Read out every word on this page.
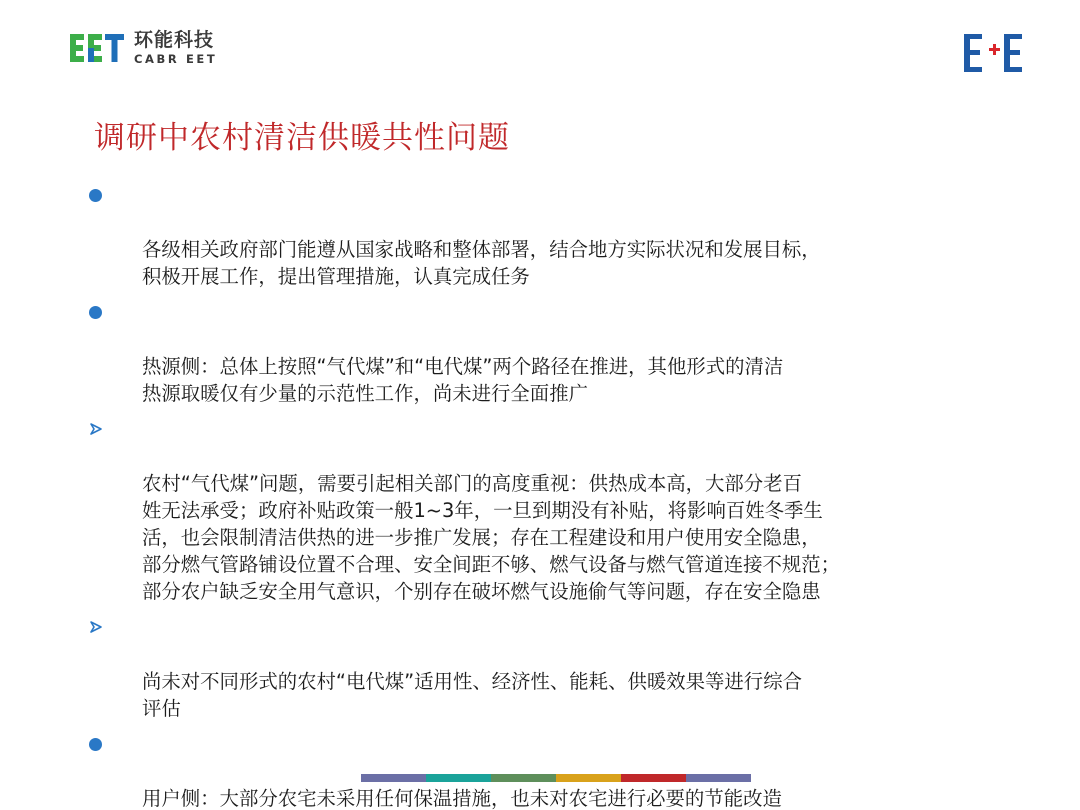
环能科技
CABR EET
调研中农村清洁供暖共性问题

各级相关政府部门能遵从国家战略和整体部署，结合地方实际状况和发展目标，
积极开展工作，提出管理措施，认真完成任务

热源侧：总体上按照“气代煤”和“电代煤”两个路径在推进，其他形式的清洁
热源取暖仅有少量的示范性工作，尚未进行全面推广

农村“气代煤”问题，需要引起相关部门的高度重视：供热成本高，大部分老百
姓无法承受；政府补贴政策一般1~3年，一旦到期没有补贴，将影响百姓冬季生
活，也会限制清洁供热的进一步推广发展；存在工程建设和用户使用安全隐患，
部分燃气管路铺设位置不合理、安全间距不够、燃气设备与燃气管道连接不规范；
部分农户缺乏安全用气意识，个别存在破坏燃气设施偷气等问题，存在安全隐患

尚未对不同形式的农村“电代煤”适用性、经济性、能耗、供暖效果等进行综合
评估

用户侧：大部分农宅未采用任何保温措施，也未对农宅进行必要的节能改造
